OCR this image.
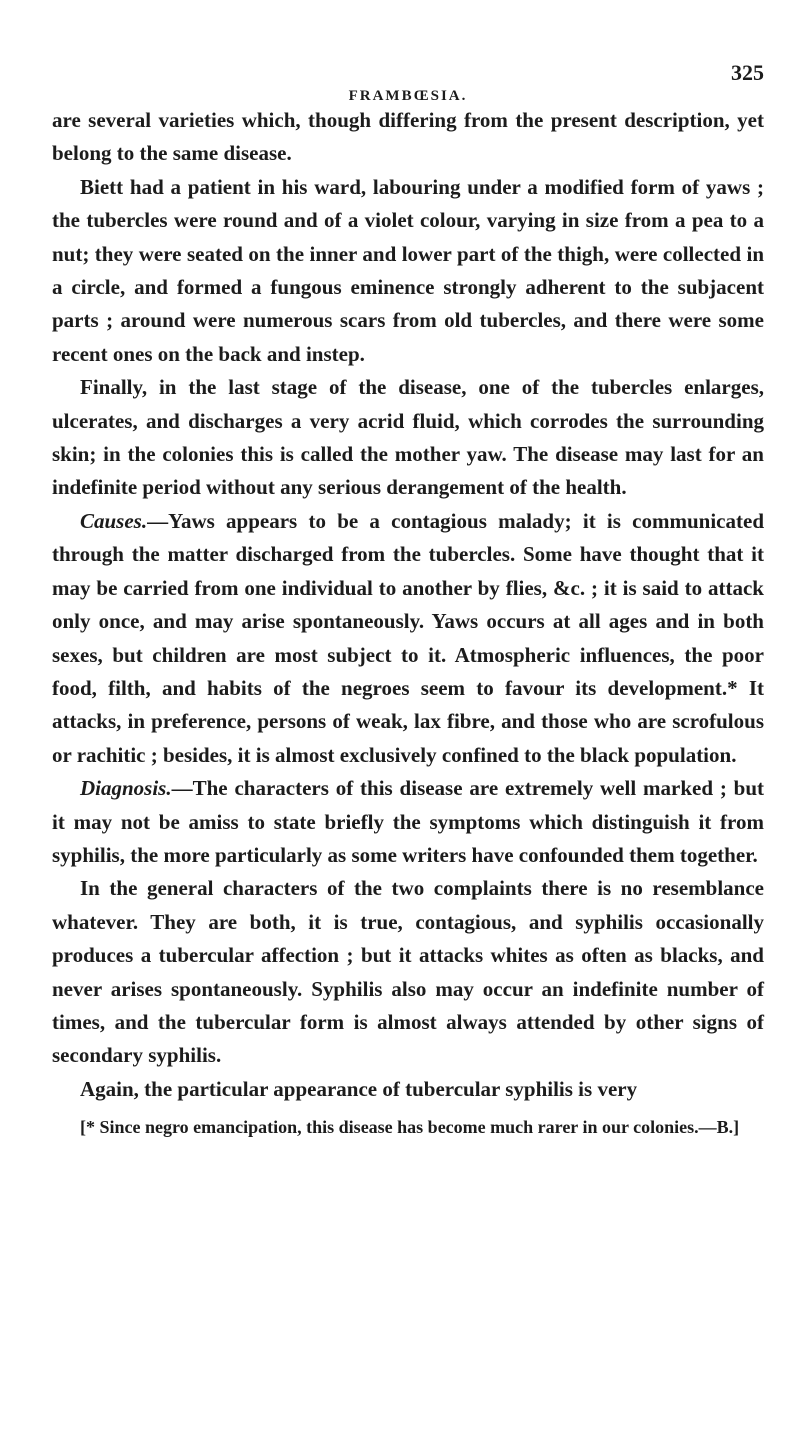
FRAMBŒSIA.
325

are several varieties which, though differing from the present description, yet belong to the same disease.

Biett had a patient in his ward, labouring under a modified form of yaws ; the tubercles were round and of a violet colour, varying in size from a pea to a nut; they were seated on the inner and lower part of the thigh, were collected in a circle, and formed a fungous eminence strongly adherent to the subjacent parts ; around were numerous scars from old tubercles, and there were some recent ones on the back and instep.

Finally, in the last stage of the disease, one of the tubercles enlarges, ulcerates, and discharges a very acrid fluid, which corrodes the surrounding skin; in the colonies this is called the mother yaw. The disease may last for an indefinite period without any serious derangement of the health.

Causes.—Yaws appears to be a contagious malady; it is communicated through the matter discharged from the tubercles. Some have thought that it may be carried from one individual to another by flies, &c. ; it is said to attack only once, and may arise spontaneously. Yaws occurs at all ages and in both sexes, but children are most subject to it. Atmospheric influences, the poor food, filth, and habits of the negroes seem to favour its development.* It attacks, in preference, persons of weak, lax fibre, and those who are scrofulous or rachitic ; besides, it is almost exclusively confined to the black population.

Diagnosis.—The characters of this disease are extremely well marked ; but it may not be amiss to state briefly the symptoms which distinguish it from syphilis, the more particularly as some writers have confounded them together.

In the general characters of the two complaints there is no resemblance whatever. They are both, it is true, contagious, and syphilis occasionally produces a tubercular affection ; but it attacks whites as often as blacks, and never arises spontaneously. Syphilis also may occur an indefinite number of times, and the tubercular form is almost always attended by other signs of secondary syphilis.

Again, the particular appearance of tubercular syphilis is very

[* Since negro emancipation, this disease has become much rarer in our colonies.—B.]
